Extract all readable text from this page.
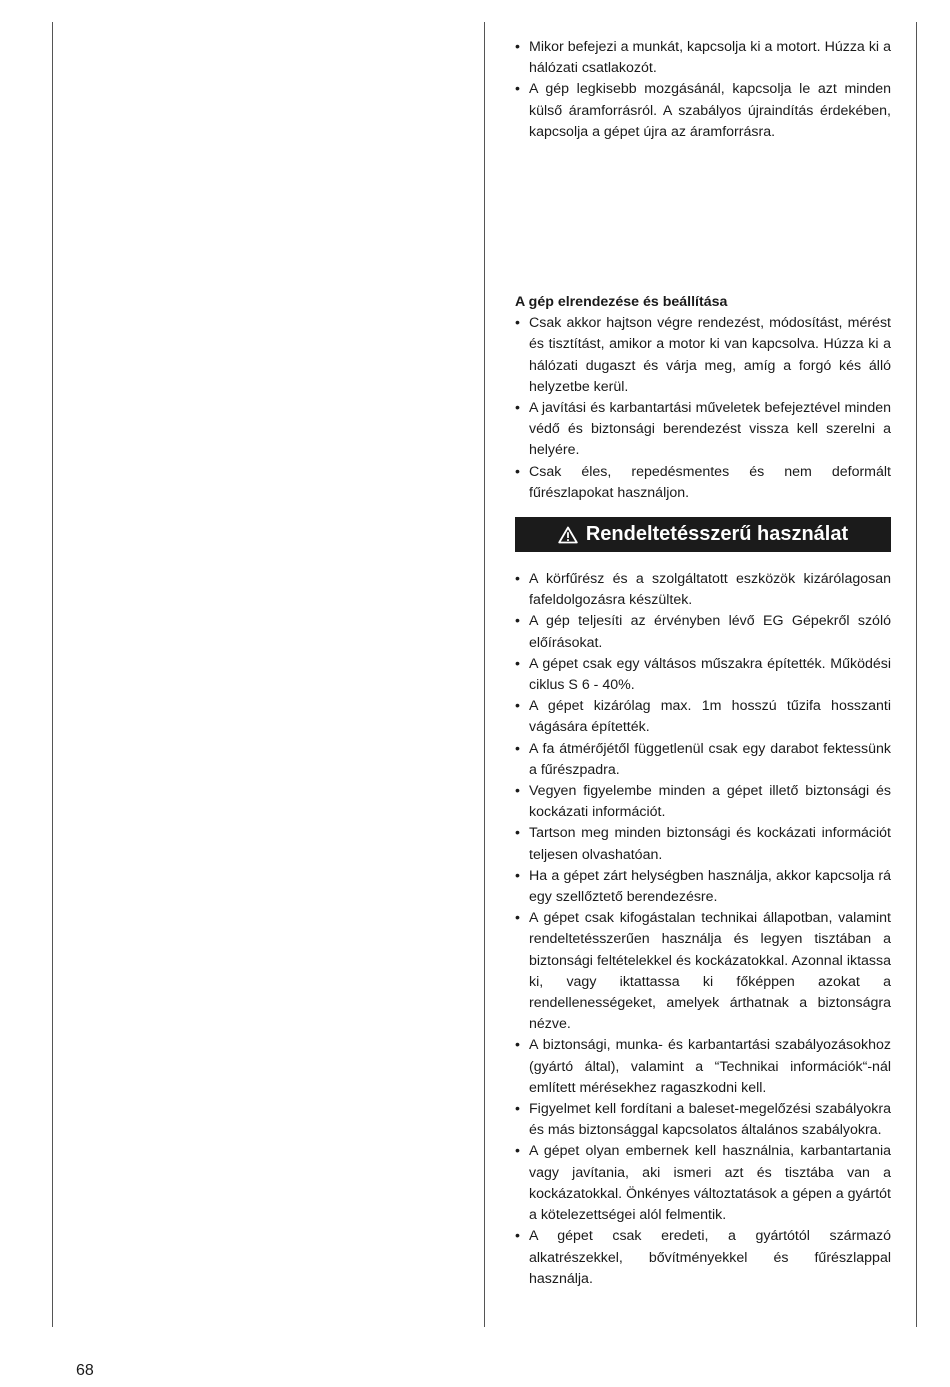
• Mikor befejezi a munkát, kapcsolja ki a motort. Húzza ki a hálózati csatlakozót.
• A gép legkisebb mozgásánál, kapcsolja le azt minden külső áramforrásról. A szabályos újraindítás érdekében, kapcsolja a gépet újra az áramforrásra.

A gép elrendezése és beállítása

• Csak akkor hajtson végre rendezést, módosítást, mérést és tisztítást, amikor a motor ki van kapcsolva. Húzza ki a hálózati dugaszt és várja meg, amíg a forgó kés álló helyzetbe kerül.
• A javítási és karbantartási műveletek befejeztével minden védő és biztonsági berendezést vissza kell szerelni a helyére.
• Csak éles, repedésmentes és nem deformált fűrészlapokat használjon.
Rendeltetésszerű használat
• A körfűrész és a szolgáltatott eszközök kizárólagosan fafeldolgozásra készültek.
• A gép teljesíti az érvényben lévő EG Gépekről szóló előírásokat.
• A gépet csak egy váltásos műszakra építették. Működési ciklus S 6 - 40%.
• A gépet kizárólag max. 1m hosszú tűzifa hosszanti vágására építették.
• A fa átmérőjétől függetlenül csak egy darabot fektessünk a fűrészpadra.
• Vegyen figyelembe minden a gépet illető biztonsági és kockázati információt.
• Tartson meg minden biztonsági és kockázati információt teljesen olvashatóan.
• Ha a gépet zárt helységben használja, akkor kapcsolja rá egy szellőztető berendezésre.
• A gépet csak kifogástalan technikai állapotban, valamint rendeltetésszerűen használja és legyen tisztában a biztonsági feltételekkel és kockázatokkal. Azonnal iktassa ki, vagy iktattassa ki főképpen azokat a rendellenességeket, amelyek árthatnak a biztonságra nézve.
• A biztonsági, munka- és karbantartási szabályozásokhoz (gyártó által), valamint a “Technikai információk“-nál említett mérésekhez ragaszkodni kell.
• Figyelmet kell fordítani a baleset-megelőzési szabályokra és más biztonsággal kapcsolatos általános szabályokra.
• A gépet olyan embernek kell használnia, karbantartania vagy javítania, aki ismeri azt és tisztába van a kockázatokkal. Önkényes változtatások a gépen a gyártót a kötelezettségei alól felmentik.
• A gépet csak eredeti, a gyártótól származó alkatrészekkel, bővítményekkel és fűrészlappal használja.
68
